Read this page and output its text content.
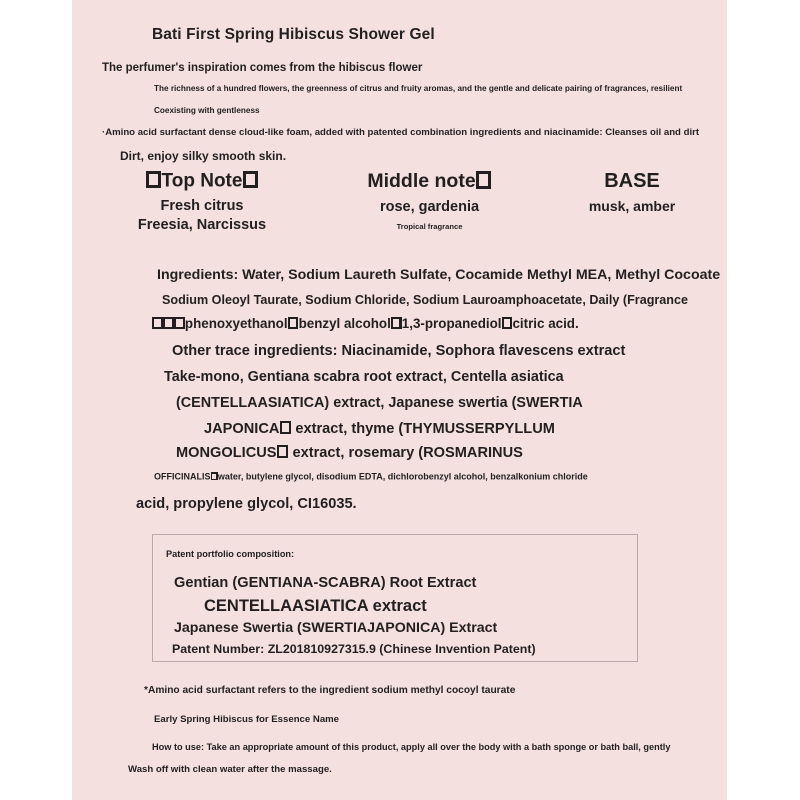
Bati First Spring Hibiscus Shower Gel
The perfumer's inspiration comes from the hibiscus flower
The richness of a hundred flowers, the greenness of citrus and fruity aromas, and the gentle and delicate pairing of fragrances, resilient
Coexisting with gentleness
·Amino acid surfactant dense cloud-like foam, added with patented combination ingredients and niacinamide: Cleanses oil and dirt
Dirt, enjoy silky smooth skin.
Top Note
Fresh citrus
Freesia, Narcissus
Middle note
rose, gardenia
Tropical fragrance
BASE
musk, amber
Ingredients: Water, Sodium Laureth Sulfate, Cocamide Methyl MEA, Methyl Cocoate
Sodium Oleoyl Taurate, Sodium Chloride, Sodium Lauroamphoacetate, Daily (Fragrance
phenoxyethanol benzyl alcohol 1,3-propanediol citric acid.
Other trace ingredients: Niacinamide, Sophora flavescens extract
Take-mono, Gentiana scabra root extract, Centella asiatica
(CENTELLAASIATICA) extract, Japanese swertia (SWERTIA
JAPONICA extract, thyme (THYMUSSERPYLLUM
MONGOLICUS extract, rosemary (ROSMARINUS
OFFICINALIS water, butylene glycol, disodium EDTA, dichlorobenzyl alcohol, benzalkonium chloride
acid, propylene glycol, CI16035.
Patent portfolio composition:
Gentian (GENTIANA-SCABRA) Root Extract
CENTELLAASIATICA extract
Japanese Swertia (SWERTIAJAPONICA) Extract
Patent Number: ZL201810927315.9 (Chinese Invention Patent)
*Amino acid surfactant refers to the ingredient sodium methyl cocoyl taurate
Early Spring Hibiscus for Essence Name
How to use: Take an appropriate amount of this product, apply all over the body with a bath sponge or bath ball, gently
Wash off with clean water after the massage.
